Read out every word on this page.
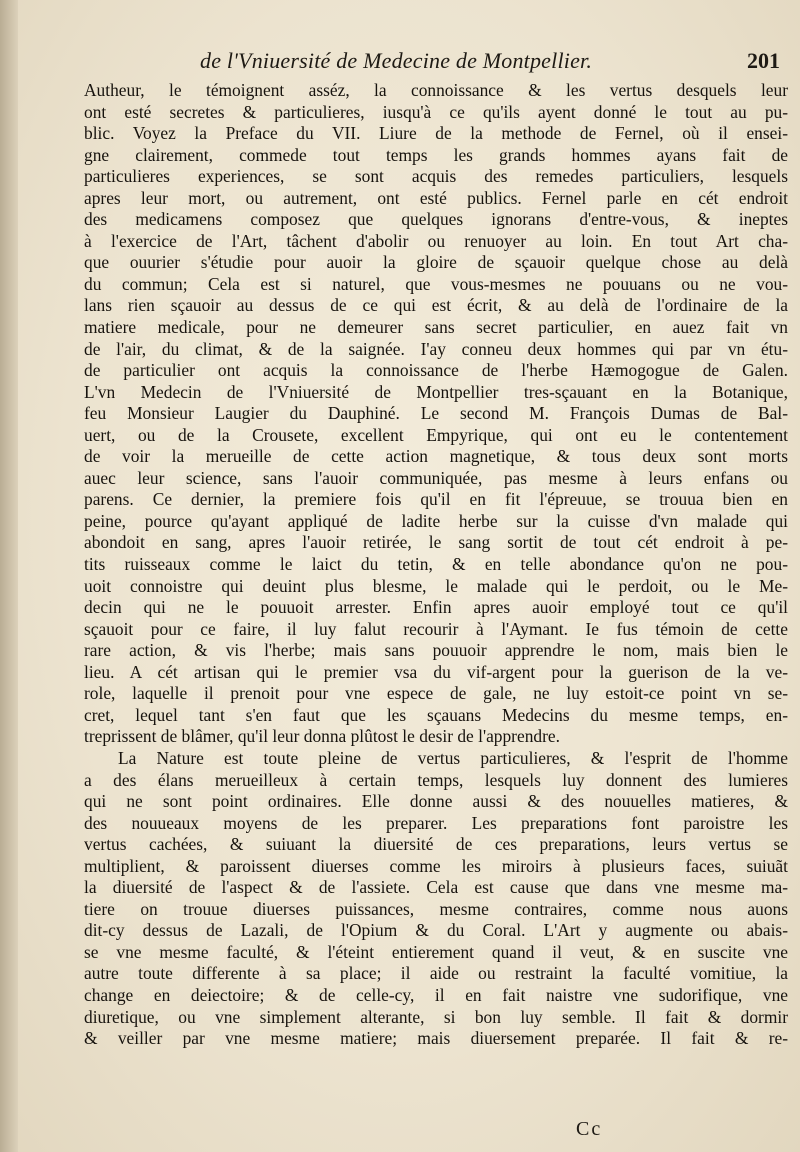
de l'Vniuersité de Medecine de Montpellier.	201
Autheur, le témoignent asséz, la connoissance & les vertus desquels leur
ont esté secretes & particulieres, iusqu'à ce qu'ils ayent donné le tout au pu-
blic. Voyez la Preface du VII. Liure de la methode de Fernel, où il ensei-
gne clairement, commede tout temps les grands hommes ayans fait de
particulieres experiences, se sont acquis des remedes particuliers, lesquels
apres leur mort, ou autrement, ont esté publics. Fernel parle en cét endroit
des medicamens composez que quelques ignorans d'entre-vous, & ineptes
à l'exercice de l'Art, tâchent d'abolir ou renuoyer au loin. En tout Art cha-
que ouurier s'étudie pour auoir la gloire de sçauoir quelque chose au delà
du commun; Cela est si naturel, que vous-mesmes ne pouuans ou ne vou-
lans rien sçauoir au dessus de ce qui est écrit, & au delà de l'ordinaire de la
matiere medicale, pour ne demeurer sans secret particulier, en auez fait vn
de l'air, du climat, & de la saignée. I'ay conneu deux hommes qui par vn étu-
de particulier ont acquis la connoissance de l'herbe Hæmogogue de Galen.
L'vn Medecin de l'Vniuersité de Montpellier tres-sçauant en la Botanique,
feu Monsieur Laugier du Dauphiné. Le second M. François Dumas de Bal-
uert, ou de la Crousete, excellent Empyrique, qui ont eu le contentement
de voir la merueille de cette action magnetique, & tous deux sont morts
auec leur science, sans l'auoir communiquée, pas mesme à leurs enfans ou
parens. Ce dernier, la premiere fois qu'il en fit l'épreuue, se trouua bien en
peine, pource qu'ayant appliqué de ladite herbe sur la cuisse d'vn malade qui
abondoit en sang, apres l'auoir retirée, le sang sortit de tout cét endroit à pe-
tits ruisseaux comme le laict du tetin, & en telle abondance qu'on ne pou-
uoit connoistre qui deuint plus blesme, le malade qui le perdoit, ou le Me-
decin qui ne le pouuoit arrester. Enfin apres auoir employé tout ce qu'il
sçauoit pour ce faire, il luy falut recourir à l'Aymant. Ie fus témoin de cette
rare action, & vis l'herbe; mais sans pouuoir apprendre le nom, mais bien le
lieu. A cét artisan qui le premier vsa du vif-argent pour la guerison de la ve-
role, laquelle il prenoit pour vne espece de gale, ne luy estoit-ce point vn se-
cret, lequel tant s'en faut que les sçauans Medecins du mesme temps, en-
treprissent de blâmer, qu'il leur donna plûtost le desir de l'apprendre.
La Nature est toute pleine de vertus particulieres, & l'esprit de l'homme
a des élans merueilleux à certain temps, lesquels luy donnent des lumieres
qui ne sont point ordinaires. Elle donne aussi & des nouuelles matieres, &
des nouueaux moyens de les preparer. Les preparations font paroistre les
vertus cachées, & suiuant la diuersité de ces preparations, leurs vertus se
multiplient, & paroissent diuerses comme les miroirs à plusieurs faces, suiuãt
la diuersité de l'aspect & de l'assiete. Cela est cause que dans vne mesme ma-
tiere on trouue diuerses puissances, mesme contraires, comme nous auons
dit-cy dessus de Lazali, de l'Opium & du Coral. L'Art y augmente ou abais-
se vne mesme faculté, & l'éteint entierement quand il veut, & en suscite vne
autre toute differente à sa place; il aide ou restraint la faculté vomitiue, la
change en deiectoire; & de celle-cy, il en fait naistre vne sudorifique, vne
diuretique, ou vne simplement alterante, si bon luy semble. Il fait & dormir
& veiller par vne mesme matiere; mais diuersement preparée. Il fait & re-
Cc
